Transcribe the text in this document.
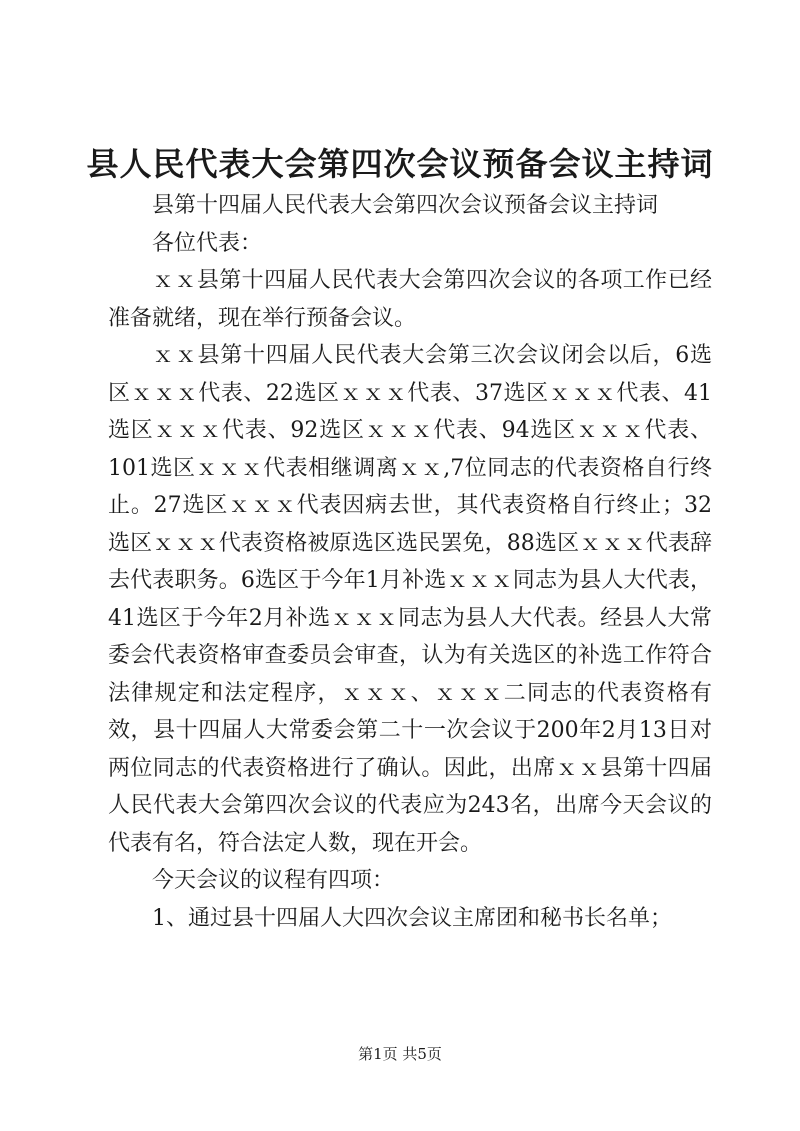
县人民代表大会第四次会议预备会议主持词

县第十四届人民代表大会第四次会议预备会议主持词

各位代表：

ｘｘ县第十四届人民代表大会第四次会议的各项工作已经准备就绪，现在举行预备会议。

ｘｘ县第十四届人民代表大会第三次会议闭会以后，6选区ｘｘｘ代表、22选区ｘｘｘ代表、37选区ｘｘｘ代表、41选区ｘｘｘ代表、92选区ｘｘｘ代表、94选区ｘｘｘ代表、101选区ｘｘｘ代表相继调离ｘｘ,7位同志的代表资格自行终止。27选区ｘｘｘ代表因病去世，其代表资格自行终止；32选区ｘｘｘ代表资格被原选区选民罢免，88选区ｘｘｘ代表辞去代表职务。6选区于今年1月补选ｘｘｘ同志为县人大代表，41选区于今年2月补选ｘｘｘ同志为县人大代表。经县人大常委会代表资格审查委员会审查，认为有关选区的补选工作符合法律规定和法定程序，ｘｘｘ、ｘｘｘ二同志的代表资格有效，县十四届人大常委会第二十一次会议于200年2月13日对两位同志的代表资格进行了确认。因此，出席ｘｘ县第十四届人民代表大会第四次会议的代表应为243名，出席今天会议的代表有名，符合法定人数，现在开会。

今天会议的议程有四项：

1、通过县十四届人大四次会议主席团和秘书长名单；

第1页 共5页
